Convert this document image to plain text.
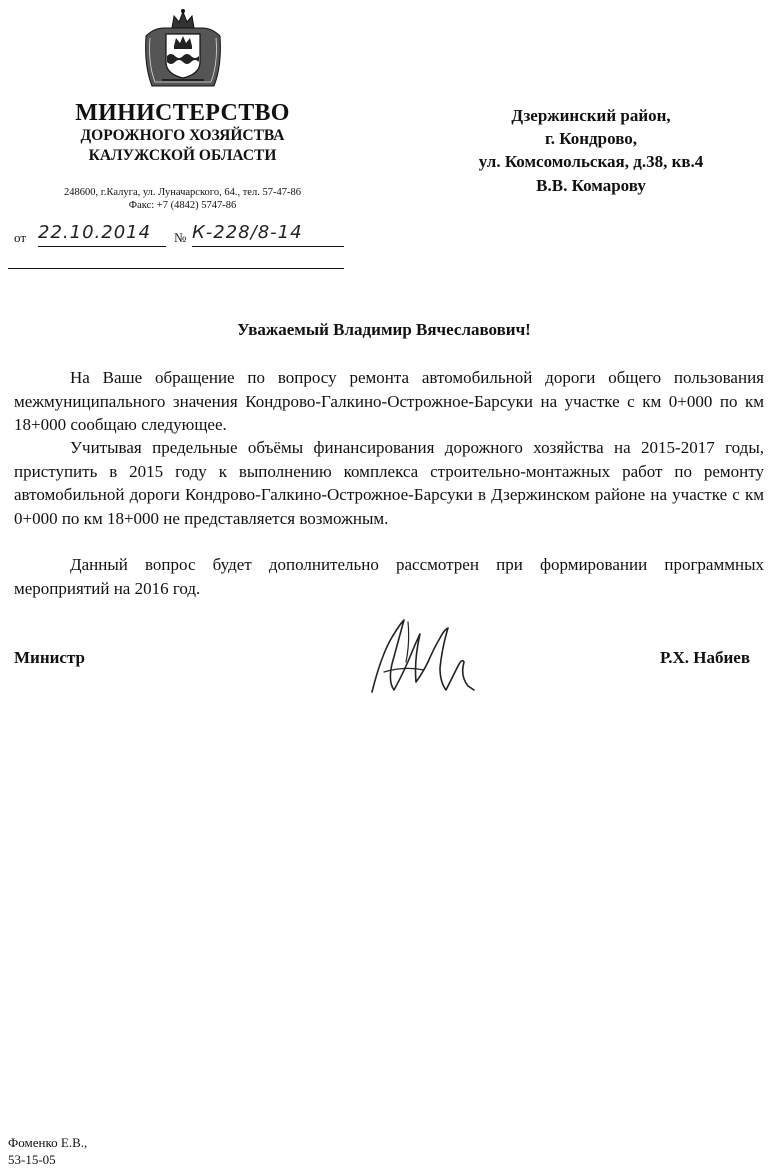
МИНИСТЕРСТВО
ДОРОЖНОГО ХОЗЯЙСТВА
КАЛУЖСКОЙ ОБЛАСТИ
248600, г.Калуга, ул. Луначарского, 64., тел. 57-47-86
Факс: +7 (4842) 5747-86
от 22.10.2014	№ К-228/8-14
Дзержинский район,
г. Кондрово,
ул. Комсомольская, д.38, кв.4
В.В. Комарову
Уважаемый Владимир Вячеславович!
На Ваше обращение по вопросу ремонта автомобильной дороги общего пользования межмуниципального значения Кондрово-Галкино-Острожное-Барсуки на участке с км 0+000 по км 18+000 сообщаю следующее.
Учитывая предельные объёмы финансирования дорожного хозяйства на 2015-2017 годы, приступить в 2015 году к выполнению комплекса строительно-монтажных работ по ремонту автомобильной дороги Кондрово-Галкино-Острожное-Барсуки в Дзержинском районе на участке с км 0+000 по км 18+000 не представляется возможным.
Данный вопрос будет дополнительно рассмотрен при формировании программных мероприятий на 2016 год.
Министр	Р.Х. Набиев
Фоменко Е.В.,
53-15-05
